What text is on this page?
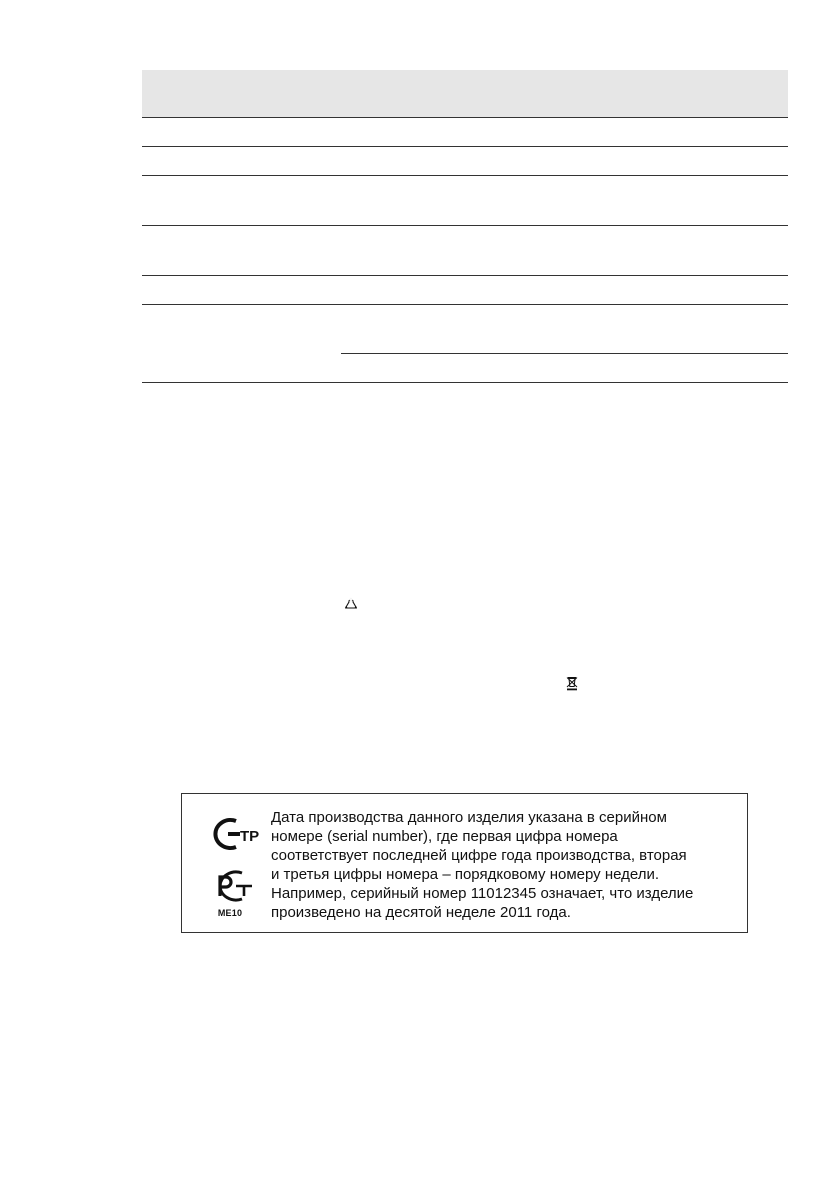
TP
ME10

Дата производства данного изделия указана в серийном
номере (serial number), где первая цифра номера
соответствует последней цифре года производства, вторая
и третья цифры номера – порядковому номеру недели.
Например, серийный номер 11012345 означает, что изделие
произведено на десятой неделе 2011 года.
